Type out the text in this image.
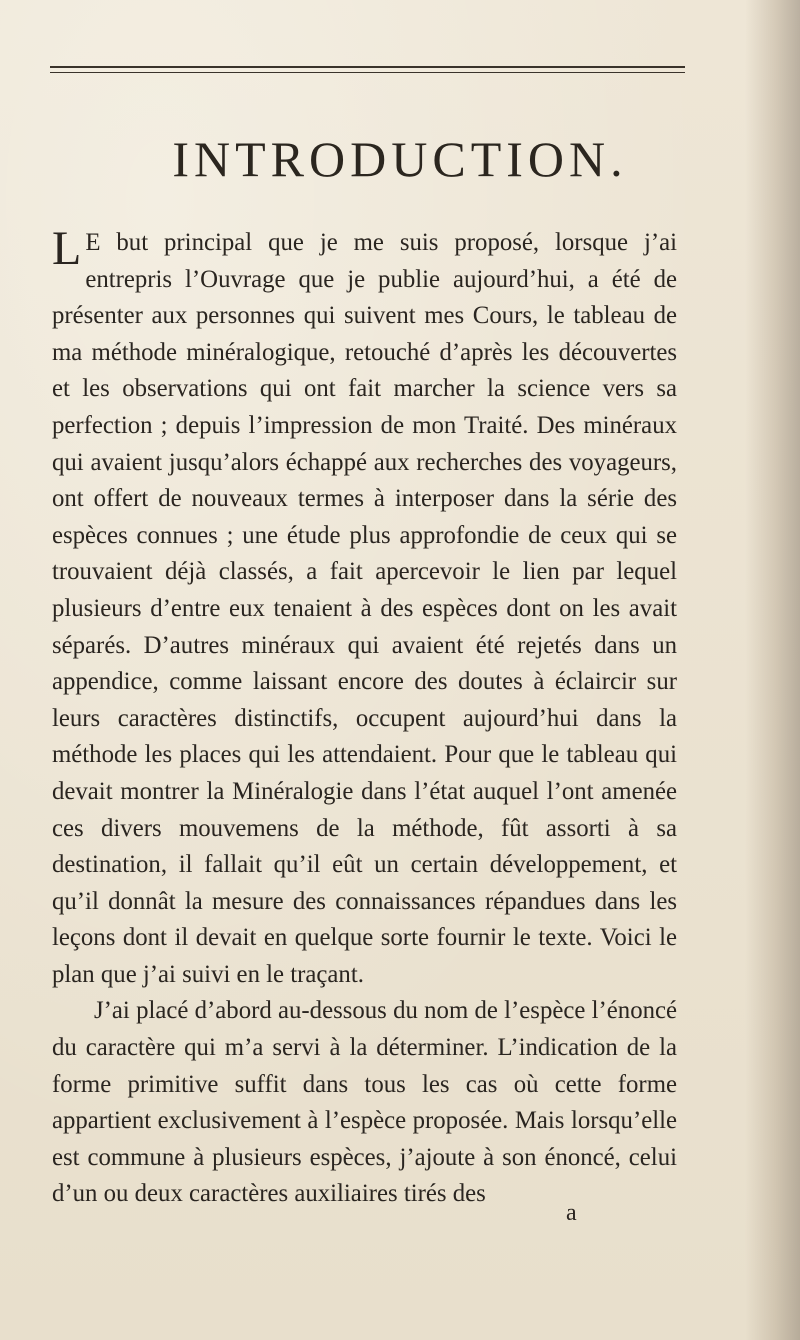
INTRODUCTION.

L E but principal que je me suis proposé, lorsque j’ai entrepris l’Ouvrage que je publie aujourd’hui, a été de présenter aux personnes qui suivent mes Cours, le tableau de ma méthode minéralogique, retouché d’après les découvertes et les observations qui ont fait marcher la science vers sa perfection ; depuis l’impression de mon Traité. Des minéraux qui avaient jusqu’alors échappé aux recherches des voyageurs, ont offert de nouveaux termes à interposer dans la série des espèces connues ; une étude plus approfondie de ceux qui se trouvaient déjà classés, a fait apercevoir le lien par lequel plusieurs d’entre eux tenaient à des espèces dont on les avait séparés. D’autres minéraux qui avaient été rejetés dans un appendice, comme laissant encore des doutes à éclaircir sur leurs caractères distinctifs, occupent aujourd’hui dans la méthode les places qui les attendaient. Pour que le tableau qui devait montrer la Minéralogie dans l’état auquel l’ont amenée ces divers mouvemens de la méthode, fût assorti à sa destination, il fallait qu’il eût un certain développement, et qu’il donnât la mesure des connaissances répandues dans les leçons dont il devait en quelque sorte fournir le texte. Voici le plan que j’ai suivi en le traçant.

J’ai placé d’abord au-dessous du nom de l’espèce l’énoncé du caractère qui m’a servi à la déterminer. L’indication de la forme primitive suffit dans tous les cas où cette forme appartient exclusivement à l’espèce proposée. Mais lorsqu’elle est commune à plusieurs espèces, j’ajoute à son énoncé, celui d’un ou deux caractères auxiliaires tirés des

a
